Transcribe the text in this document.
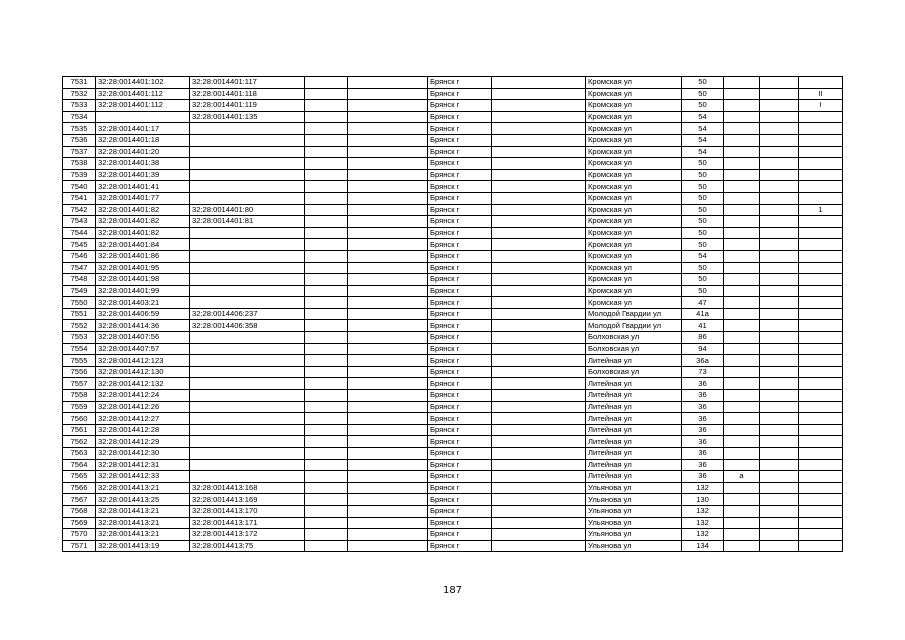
7531	32:28:0014401:102	32:28:0014401:117			Брянск г		Кромская ул	50			
7532	32:28:0014401:112	32:28:0014401:118			Брянск г		Кромская ул	50			II
7533	32:28:0014401:112	32:28:0014401:119			Брянск г		Кромская ул	50			I
7534		32:28:0014401:135			Брянск г		Кромская ул	54			
7535	32:28:0014401:17				Брянск г		Кромская ул	54			
7536	32:28:0014401:18				Брянск г		Кромская ул	54			
7537	32:28:0014401:20				Брянск г		Кромская ул	54			
7538	32:28:0014401:38				Брянск г		Кромская ул	50			
7539	32:28:0014401:39				Брянск г		Кромская ул	50			
7540	32:28:0014401:41				Брянск г		Кромская ул	50			
7541	32:28:0014401:77				Брянск г		Кромская ул	50			
7542	32:28:0014401:82	32:28:0014401:80			Брянск г		Кромская ул	50			1
7543	32:28:0014401:82	32:28:0014401:81			Брянск г		Кромская ул	50			
7544	32:28:0014401:82				Брянск г		Кромская ул	50			
7545	32:28:0014401:84				Брянск г		Кромская ул	50			
7546	32:28:0014401:86				Брянск г		Кромская ул	54			
7547	32:28:0014401:95				Брянск г		Кромская ул	50			
7548	32:28:0014401:98				Брянск г		Кромская ул	50			
7549	32:28:0014401:99				Брянск г		Кромская ул	50			
7550	32:28:0014403:21				Брянск г		Кромская ул	47			
7551	32:28:0014406:59	32:28:0014406:237			Брянск г		Молодой Гвардии ул	41а			
7552	32:28:0014414:36	32:28:0014406:358			Брянск г		Молодой Гвардии ул	41			
7553	32:28:0014407:56				Брянск г		Болховская ул	86			
7554	32:28:0014407:57				Брянск г		Болховская ул	94			
7555	32:28:0014412:123				Брянск г		Литейная ул	36а			
7556	32:28:0014412:130				Брянск г		Болховская ул	73			
7557	32:28:0014412:132				Брянск г		Литейная ул	36			
7558	32:28:0014412:24				Брянск г		Литейная ул	36			
7559	32:28:0014412:26				Брянск г		Литейная ул	36			
7560	32:28:0014412:27				Брянск г		Литейная ул	36			
7561	32:28:0014412:28				Брянск г		Литейная ул	36			
7562	32:28:0014412:29				Брянск г		Литейная ул	36			
7563	32:28:0014412:30				Брянск г		Литейная ул	36			
7564	32:28:0014412:31				Брянск г		Литейная ул	36			
7565	32:28:0014412:33				Брянск г		Литейная ул	36	а		
7566	32:28:0014413:21	32:28:0014413:168			Брянск г		Ульянова ул	132			
7567	32:28:0014413:25	32:28:0014413:169			Брянск г		Ульянова ул	130			
7568	32:28:0014413:21	32:28:0014413:170			Брянск г		Ульянова ул	132			
7569	32:28:0014413:21	32:28:0014413:171			Брянск г		Ульянова ул	132			
7570	32:28:0014413:21	32:28:0014413:172			Брянск г		Ульянова ул	132			
7571	32:28:0014413:19	32:28:0014413:75			Брянск г		Ульянова ул	134			
187
